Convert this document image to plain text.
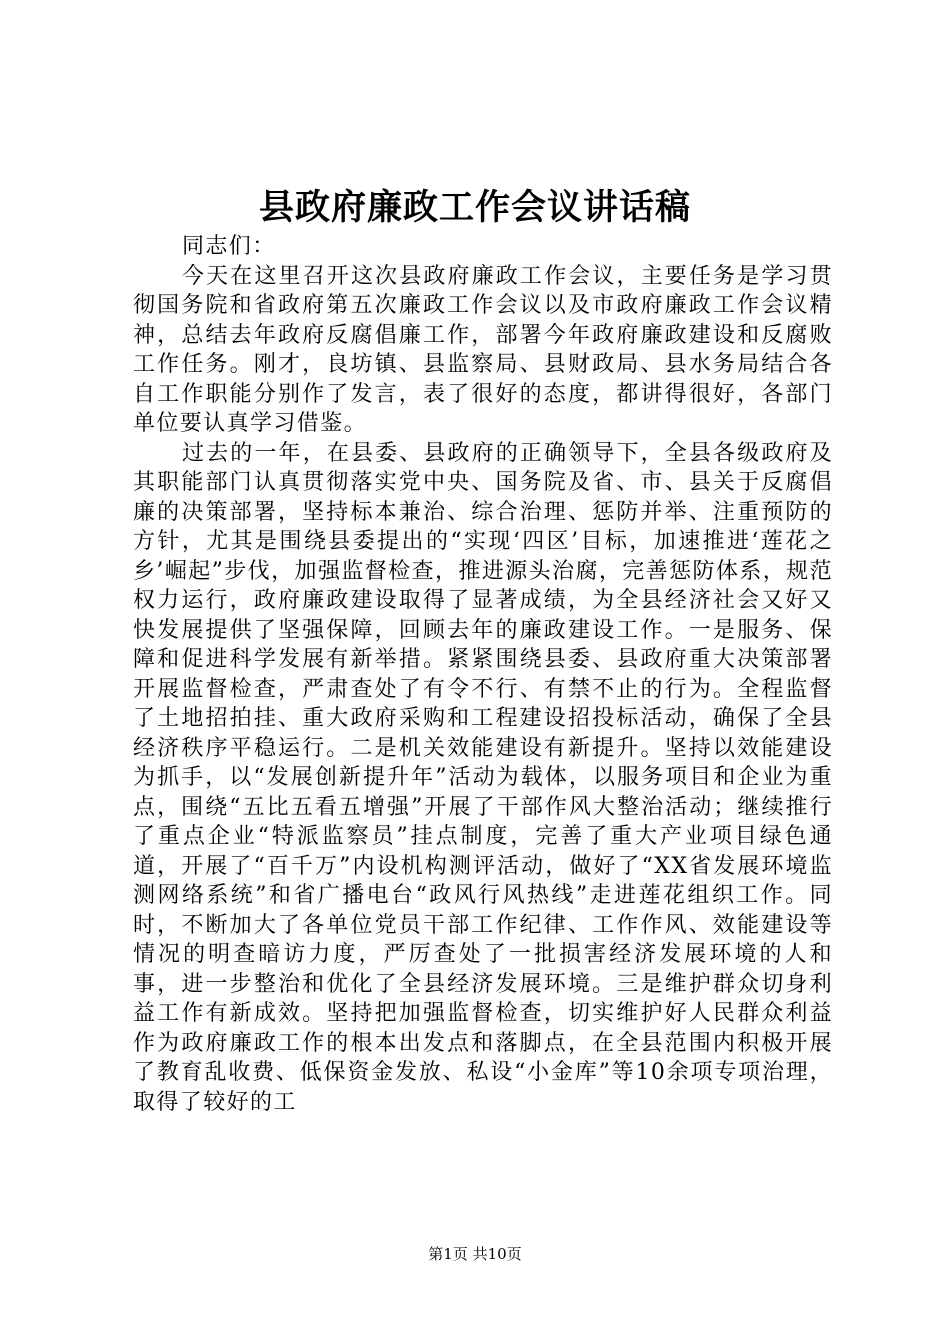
县政府廉政工作会议讲话稿

同志们：

今天在这里召开这次县政府廉政工作会议，主要任务是学习贯彻国务院和省政府第五次廉政工作会议以及市政府廉政工作会议精神，总结去年政府反腐倡廉工作，部署今年政府廉政建设和反腐败工作任务。刚才，良坊镇、县监察局、县财政局、县水务局结合各自工作职能分别作了发言，表了很好的态度，都讲得很好，各部门单位要认真学习借鉴。

过去的一年，在县委、县政府的正确领导下，全县各级政府及其职能部门认真贯彻落实党中央、国务院及省、市、县关于反腐倡廉的决策部署，坚持标本兼治、综合治理、惩防并举、注重预防的方针，尤其是围绕县委提出的“实现‘四区’目标，加速推进‘莲花之乡’崛起”步伐，加强监督检查，推进源头治腐，完善惩防体系，规范权力运行，政府廉政建设取得了显著成绩，为全县经济社会又好又快发展提供了坚强保障，回顾去年的廉政建设工作。一是服务、保障和促进科学发展有新举措。紧紧围绕县委、县政府重大决策部署开展监督检查，严肃查处了有令不行、有禁不止的行为。全程监督了土地招拍挂、重大政府采购和工程建设招投标活动，确保了全县经济秩序平稳运行。二是机关效能建设有新提升。坚持以效能建设为抓手，以“发展创新提升年”活动为载体，以服务项目和企业为重点，围绕“五比五看五增强”开展了干部作风大整治活动；继续推行了重点企业“特派监察员”挂点制度，完善了重大产业项目绿色通道，开展了“百千万”内设机构测评活动，做好了“XX省发展环境监测网络系统”和省广播电台“政风行风热线”走进莲花组织工作。同时，不断加大了各单位党员干部工作纪律、工作作风、效能建设等情况的明查暗访力度，严厉查处了一批损害经济发展环境的人和事，进一步整治和优化了全县经济发展环境。三是维护群众切身利益工作有新成效。坚持把加强监督检查，切实维护好人民群众利益作为政府廉政工作的根本出发点和落脚点，在全县范围内积极开展了教育乱收费、低保资金发放、私设“小金库”等10余项专项治理，取得了较好的工

第1页 共10页
